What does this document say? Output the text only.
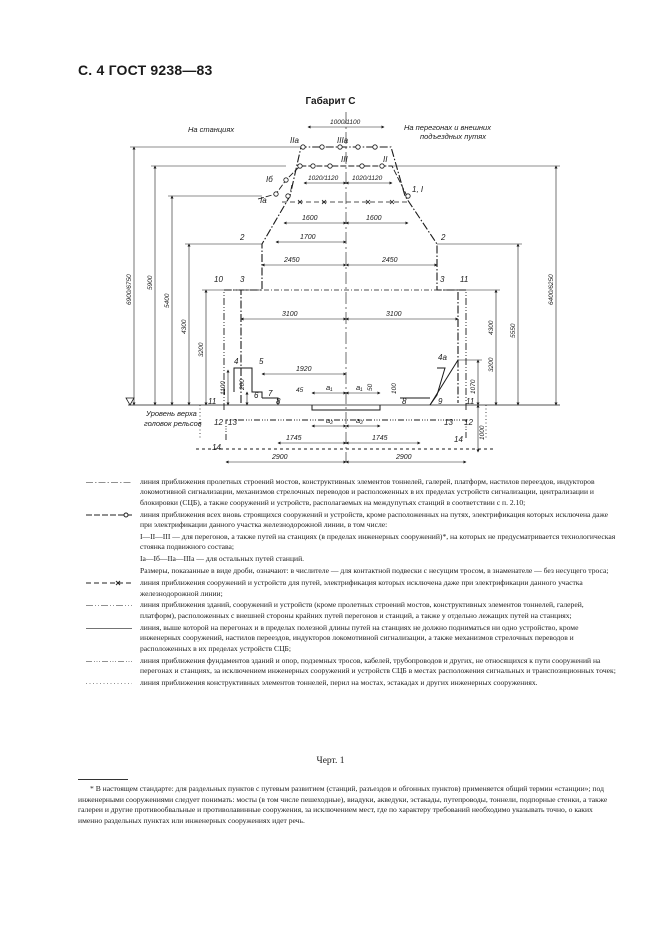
С. 4 ГОСТ 9238—83
Габарит С
На станциях	На перегонах и внешних
подъездных путях
Уровень верха
головок рельсов
1000/1100
1020/1120 1020/1120
1600	1600
1700
2450	2450
3100	3100
1920
1745	1745
2900	2900
45	50	100
a₁	a₁
a₂	a₂
6900/6750 5900
5400
4300
3200
1100 200
6400/6250
5550
4300
3200
1070
1000
IIа	IIIа
III	II
Iб
Iа
I	1, I
2	2
3	3
10	11
4	5	4а
6 7
8	8	9
11	11
12 13	13 12
14
14
линия приближения пролетных строений мостов, конструктивных элементов тоннелей, галерей, платформ, настилов переездов, индукторов локомотивной сигнализации, механизмов стрелочных переводов и расположенных в их пределах устройств сигнализации, централизации и блокировки (СЦБ), а также сооружений и устройств, располагаемых на междупутьях станций в соответствии с п. 2.10;
линия приближения всех вновь строящихся сооружений и устройств, кроме расположенных на путях, электрификация которых исключена даже при электрификации данного участка железнодорожной линии, в том числе:
I—II—III — для перегонов, а также путей на станциях (в пределах инженерных сооружений)*, на которых не предусматривается технологическая стоянка подвижного состава;
Iа—Iб—IIа—IIIа — для остальных путей станций.
Размеры, показанные в виде дроби, означают: в числителе — для контактной подвески с несущим тросом, в знаменателе — без несущего троса;
линия приближения сооружений и устройств для путей, электрификация которых исключена даже при электрификации данного участка железнодорожной линии;
линия приближения зданий, сооружений и устройств (кроме пролетных строений мостов, конструктивных элементов тоннелей, галерей, платформ), расположенных с внешней стороны крайних путей перегонов и станций, а также у отдельно лежащих путей на станциях;
линия, выше которой на перегонах и в пределах полезной длины путей на станциях не должно подниматься ни одно устройство, кроме инженерных сооружений, настилов переездов, индукторов локомотивной сигнализации, а также механизмов стрелочных переводов и расположенных в их пределах устройств СЦБ;
линия приближения фундаментов зданий и опор, подземных тросов, кабелей, трубопроводов и других, не относящихся к пути сооружений на перегонах и станциях, за исключением инженерных сооружений и устройств СЦБ в местах расположения сигнальных и транспозиционных точек;
линия приближения конструктивных элементов тоннелей, перил на мостах, эстакадах и других инженерных сооружениях.
Черт. 1
* В настоящем стандарте: для раздельных пунктов с путевым развитием (станций, разъездов и обгонных пунктов) применяется общий термин «станции»; под инженерными сооружениями следует понимать: мосты (в том числе пешеходные), виадуки, акведуки, эстакады, путепроводы, тоннели, подпорные стенки, а также галереи и другие противообвальные и противолавинные сооружения, за исключением мест, где по характеру требований необходимо указывать точно, о каких именно раздельных пунктах или инженерных сооружениях идет речь.
